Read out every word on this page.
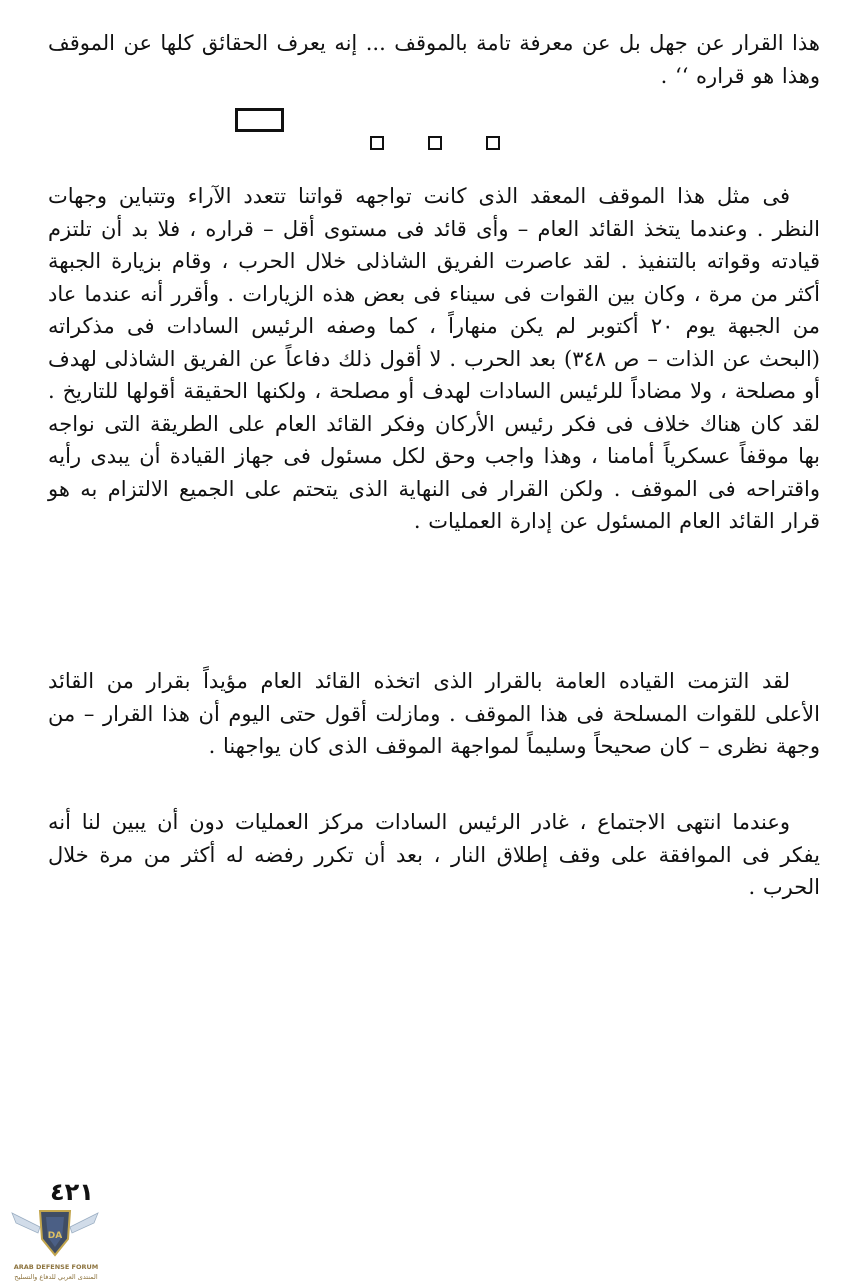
هذا القرار عن جهل بل عن معرفة تامة بالموقف ... إنه يعرف الحقائق كلها عن الموقف وهذا هو قراره ‘‘ .

فى مثل هذا الموقف المعقد الذى كانت تواجهه قواتنا تتعدد الآراء وتتباين وجهات النظر . وعندما يتخذ القائد العام – وأى قائد فى مستوى أقل – قراره ، فلا بد أن تلتزم قيادته وقواته بالتنفيذ . لقد عاصرت الفريق الشاذلى خلال الحرب ، وقام بزيارة الجبهة أكثر من مرة ، وكان بين القوات فى سيناء فى بعض هذه الزيارات . وأقرر أنه عندما عاد من الجبهة يوم ٢٠ أكتوبر لم يكن منهاراً ، كما وصفه الرئيس السادات فى مذكراته (البحث عن الذات – ص ٣٤٨) بعد الحرب . لا أقول ذلك دفاعاً عن الفريق الشاذلى لهدف أو مصلحة ، ولا مضاداً للرئيس السادات لهدف أو مصلحة ، ولكنها الحقيقة أقولها للتاريخ . لقد كان هناك خلاف فى فكر رئيس الأركان وفكر القائد العام على الطريقة التى نواجه بها موقفاً عسكرياً أمامنا ، وهذا واجب وحق لكل مسئول فى جهاز القيادة أن يبدى رأيه واقتراحه فى الموقف . ولكن القرار فى النهاية الذى يتحتم على الجميع الالتزام به هو قرار القائد العام المسئول عن إدارة العمليات .

لقد التزمت القياده العامة بالقرار الذى اتخذه القائد العام مؤيداً بقرار من القائد الأعلى للقوات المسلحة فى هذا الموقف . ومازلت أقول حتى اليوم أن هذا القرار – من وجهة نظرى – كان صحيحاً وسليماً لمواجهة الموقف الذى كان يواجهنا .

وعندما انتهى الاجتماع ، غادر الرئيس السادات مركز العمليات دون أن يبين لنا أنه يفكر فى الموافقة على وقف إطلاق النار ، بعد أن تكرر رفضه له أكثر من مرة خلال الحرب .

٤٢١
DA
ARAB DEFENSE FORUM
المنتدى العربي للدفاع والتسليح
